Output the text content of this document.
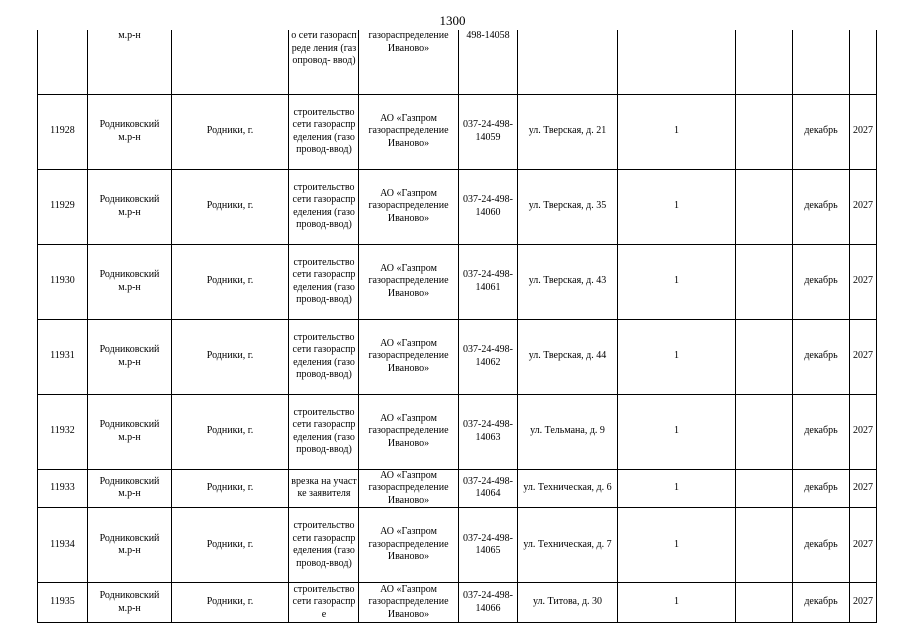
1300
	м.р-н		о сети газораспреде ления (газопровод- ввод)	газораспределение Иваново»	498-14058					
11928	Родниковский м.р-н	Родники, г.	строительство сети газораспределения (газопровод-ввод)	АО «Газпром газораспределение Иваново»	037-24-498-14059	ул. Тверская, д. 21	1		декабрь	2027
11929	Родниковский м.р-н	Родники, г.	строительство сети газораспределения (газопровод-ввод)	АО «Газпром газораспределение Иваново»	037-24-498-14060	ул. Тверская, д. 35	1		декабрь	2027
11930	Родниковский м.р-н	Родники, г.	строительство сети газораспределения (газопровод-ввод)	АО «Газпром газораспределение Иваново»	037-24-498-14061	ул. Тверская, д. 43	1		декабрь	2027
11931	Родниковский м.р-н	Родники, г.	строительство сети газораспределения (газопровод-ввод)	АО «Газпром газораспределение Иваново»	037-24-498-14062	ул. Тверская, д. 44	1		декабрь	2027
11932	Родниковский м.р-н	Родники, г.	строительство сети газораспределения (газопровод-ввод)	АО «Газпром газораспределение Иваново»	037-24-498-14063	ул. Тельмана, д. 9	1		декабрь	2027
11933	Родниковский м.р-н	Родники, г.	врезка на участке заявителя	АО «Газпром газораспределение Иваново»	037-24-498-14064	ул. Техническая, д. 6	1		декабрь	2027
11934	Родниковский м.р-н	Родники, г.	строительство сети газораспределения (газопровод-ввод)	АО «Газпром газораспределение Иваново»	037-24-498-14065	ул. Техническая, д. 7	1		декабрь	2027
11935	Родниковский м.р-н	Родники, г.	строительство сети газораспре	АО «Газпром газораспределение Иваново»	037-24-498-14066	ул. Титова, д. 30	1		декабрь	2027
